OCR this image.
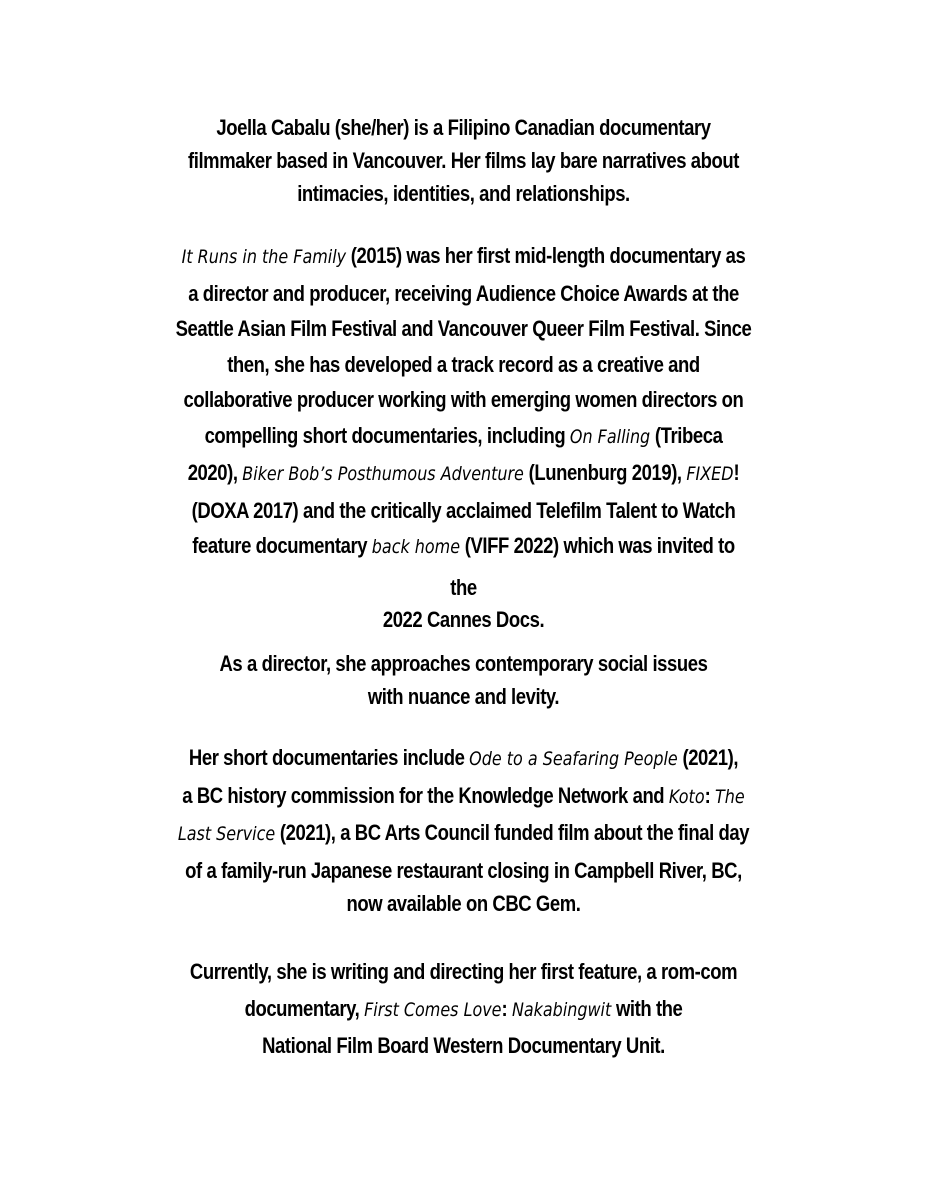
Joella Cabalu (she/her) is a Filipino Canadian documentary
filmmaker based in Vancouver. Her films lay bare narratives about
intimacies, identities, and relationships.

It Runs in the Family (2015) was her first mid-length documentary as
a director and producer, receiving Audience Choice Awards at the
Seattle Asian Film Festival and Vancouver Queer Film Festival. Since
then, she has developed a track record as a creative and
collaborative producer working with emerging women directors on
compelling short documentaries, including On Falling (Tribeca
2020), Biker Bob’s Posthumous Adventure (Lunenburg 2019), FIXED!
(DOXA 2017) and the critically acclaimed Telefilm Talent to Watch
feature documentary back home (VIFF 2022) which was invited to
the
2022 Cannes Docs.

As a director, she approaches contemporary social issues
with nuance and levity.

Her short documentaries include Ode to a Seafaring People (2021),
a BC history commission for the Knowledge Network and Koto: The
Last Service (2021), a BC Arts Council funded film about the final day
of a family-run Japanese restaurant closing in Campbell River, BC,
now available on CBC Gem.

Currently, she is writing and directing her first feature, a rom-com
documentary, First Comes Love: Nakabingwit with the
National Film Board Western Documentary Unit.
